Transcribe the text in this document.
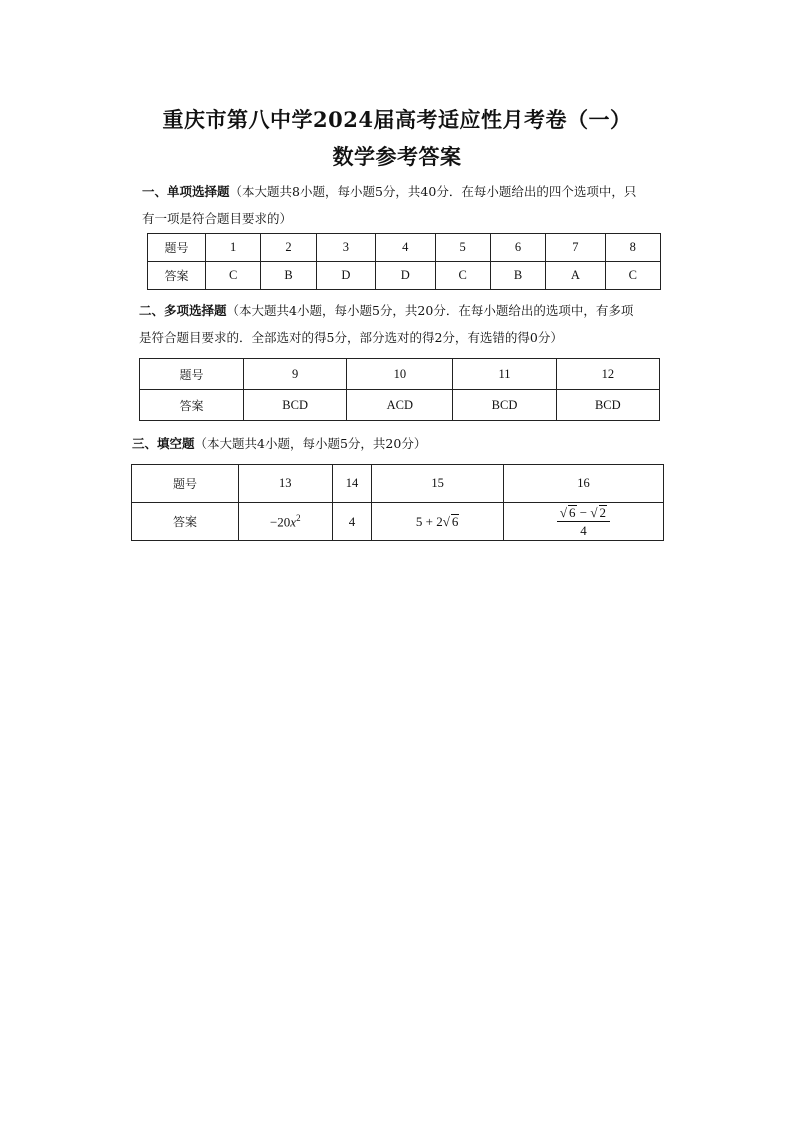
重庆市第八中学2024届高考适应性月考卷（一）
数学参考答案
一、单项选择题（本大题共8小题，每小题5分，共40分．在每小题给出的四个选项中，只
有一项是符合题目要求的）
题号	1	2	3	4	5	6	7	8
答案	C	B	D	D	C	B	A	C
二、多项选择题（本大题共4小题，每小题5分，共20分．在每小题给出的选项中，有多项
是符合题目要求的．全部选对的得5分，部分选对的得2分，有选错的得0分）
题号	9	10	11	12
答案	BCD	ACD	BCD	BCD
三、填空题（本大题共4小题，每小题5分，共20分）
题号	13	14	15	16
答案	$-20x^2$	4	5 + 2√ 6	$\frac{√ 6 - √ 2}{4}$
